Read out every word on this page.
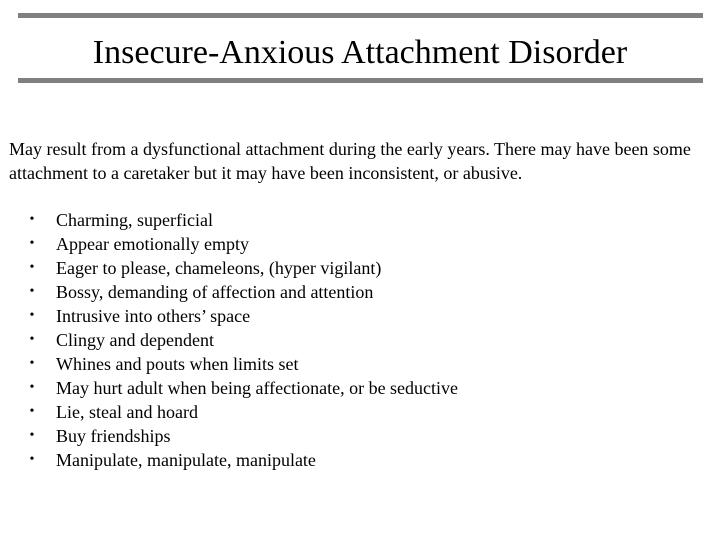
Insecure-Anxious Attachment Disorder

May result from a dysfunctional attachment during the early years. There may have been some attachment to a caretaker but it may have been inconsistent, or abusive.

• Charming, superficial
• Appear emotionally empty
• Eager to please, chameleons, (hyper vigilant)
• Bossy, demanding of affection and attention
• Intrusive into others’ space
• Clingy and dependent
• Whines and pouts when limits set
• May hurt adult when being affectionate, or be seductive
• Lie, steal and hoard
• Buy friendships
• Manipulate, manipulate, manipulate
